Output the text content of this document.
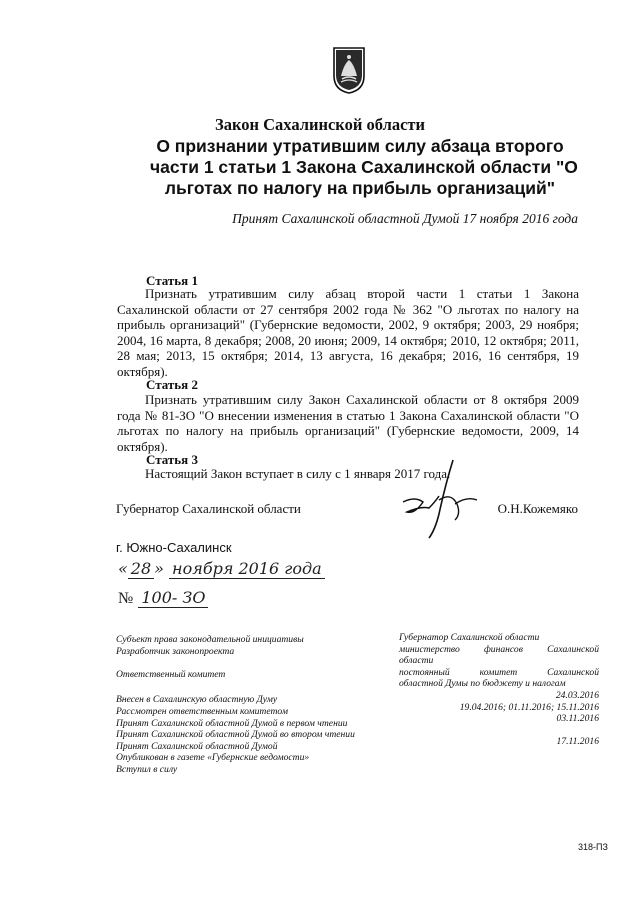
Закон Сахалинской области
О признании утратившим силу абзаца второго
части 1 статьи 1 Закона Сахалинской области "О
льготах по налогу на прибыль организаций"
Принят Сахалинской областной Думой 17 ноября 2016 года
Статья 1

Признать утратившим силу абзац второй части 1 статьи 1 Закона Сахалинской области от 27 сентября 2002 года № 362 "О льготах по налогу на прибыль организаций" (Губернские ведомости, 2002, 9 октября; 2003, 29 ноября; 2004, 16 марта, 8 декабря; 2008, 20 июня; 2009, 14 октября; 2010, 12 октября; 2011, 28 мая; 2013, 15 октября; 2014, 13 августа, 16 декабря; 2016, 16 сентября, 19 октября).

Статья 2

Признать утратившим силу Закон Сахалинской области от 8 октября 2009 года № 81-ЗО "О внесении изменения в статью 1 Закона Сахалинской области "О льготах по налогу на прибыль организаций" (Губернские ведомости, 2009, 14 октября).

Статья 3

Настоящий Закон вступает в силу с 1 января 2017 года.

Губернатор Сахалинской области	О.Н.Кожемяко
г. Южно-Сахалинск
« 28 » ноября 2016 года
№ 100- ЗО
Субъект права законодательной инициативы
Разработчик законопроекта
Ответственный комитет
Внесен в Сахалинскую областную Думу
Рассмотрен ответственным комитетом
Принят Сахалинской областной Думой в первом чтении
Принят Сахалинской областной Думой во втором чтении
Принят Сахалинской областной Думой
Опубликован в газете «Губернские ведомости»
Вступил в силу
Губернатор Сахалинской области
министерство финансов Сахалинской
области
постоянный комитет Сахалинской
областной Думы по бюджету и налогам
24.03.2016
19.04.2016; 01.11.2016; 15.11.2016
03.11.2016
17.11.2016
318-ПЗ
